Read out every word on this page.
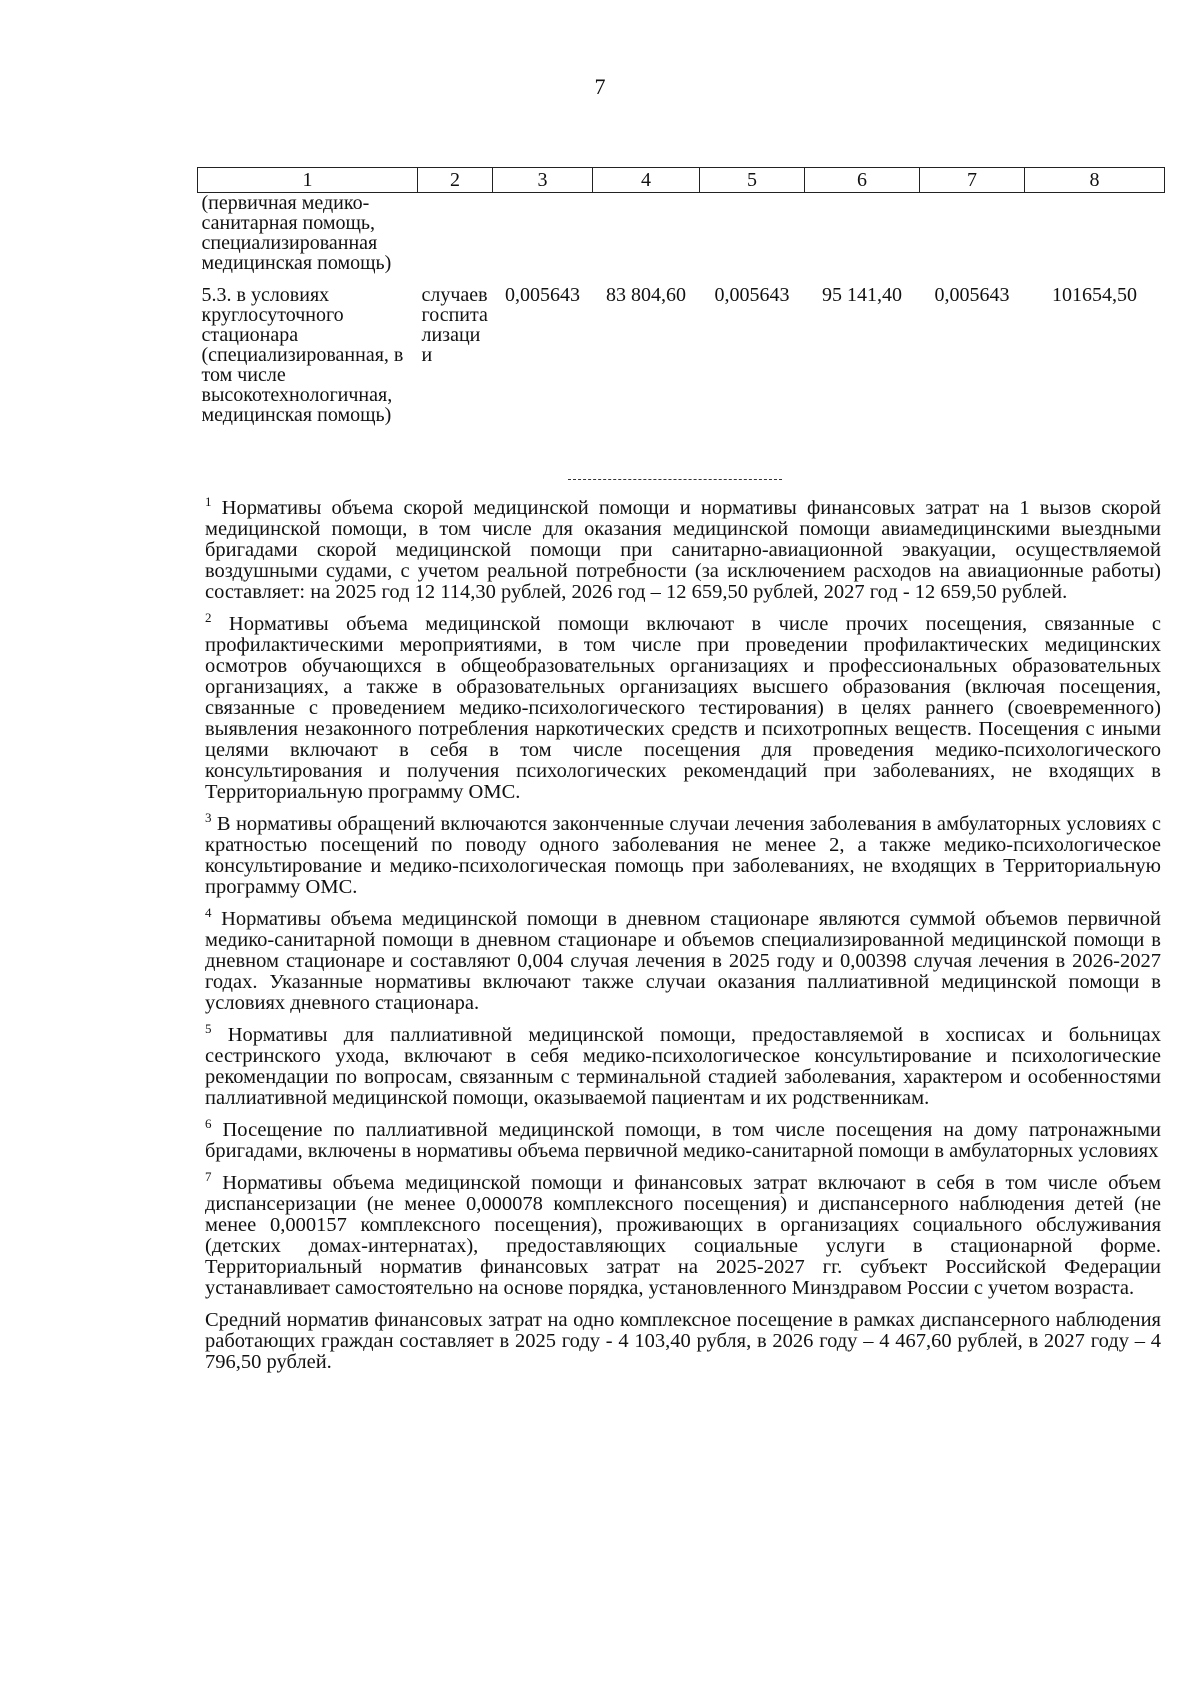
7
1	2	3	4	5	6	7	8
(первичная медико-санитарная помощь, специализированная медицинская помощь)							
5.3. в условиях круглосуточного стационара (специализированная, в том числе высокотехнологичная, медицинская помощь)	случаев госпита лизаци и	0,005643	83 804,60	0,005643	95 141,40	0,005643	101654,50

$^1$ Нормативы объема скорой медицинской помощи и нормативы финансовых затрат на 1 вызов скорой медицинской помощи, в том числе для оказания медицинской помощи авиамедицинскими выездными бригадами скорой медицинской помощи при санитарно-авиационной эвакуации, осуществляемой воздушными судами, с учетом реальной потребности (за исключением расходов на авиационные работы) составляет: на 2025 год 12 114,30 рублей, 2026 год – 12 659,50 рублей, 2027 год - 12 659,50 рублей.

$^2$ Нормативы объема медицинской помощи включают в числе прочих посещения, связанные с профилактическими мероприятиями, в том числе при проведении профилактических медицинских осмотров обучающихся в общеобразовательных организациях и профессиональных образовательных организациях, а также в образовательных организациях высшего образования (включая посещения, связанные с проведением медико-психологического тестирования) в целях раннего (своевременного) выявления незаконного потребления наркотических средств и психотропных веществ. Посещения с иными целями включают в себя в том числе посещения для проведения медико-психологического консультирования и получения психологических рекомендаций при заболеваниях, не входящих в Территориальную программу ОМС.

$^3$ В нормативы обращений включаются законченные случаи лечения заболевания в амбулаторных условиях с кратностью посещений по поводу одного заболевания не менее 2, а также медико-психологическое консультирование и медико-психологическая помощь при заболеваниях, не входящих в Территориальную программу ОМС.

$^4$ Нормативы объема медицинской помощи в дневном стационаре являются суммой объемов первичной медико-санитарной помощи в дневном стационаре и объемов специализированной медицинской помощи в дневном стационаре и составляют 0,004 случая лечения в 2025 году и 0,00398 случая лечения в 2026-2027 годах. Указанные нормативы включают также случаи оказания паллиативной медицинской помощи в условиях дневного стационара.

$^5$ Нормативы для паллиативной медицинской помощи, предоставляемой в хосписах и больницах сестринского ухода, включают в себя медико-психологическое консультирование и психологические рекомендации по вопросам, связанным с терминальной стадией заболевания, характером и особенностями паллиативной медицинской помощи, оказываемой пациентам и их родственникам.

$^6$ Посещение по паллиативной медицинской помощи, в том числе посещения на дому патронажными бригадами, включены в нормативы объема первичной медико-санитарной помощи в амбулаторных условиях

$^7$ Нормативы объема медицинской помощи и финансовых затрат включают в себя в том числе объем диспансеризации (не менее 0,000078 комплексного посещения) и диспансерного наблюдения детей (не менее 0,000157 комплексного посещения), проживающих в организациях социального обслуживания (детских домах-интернатах), предоставляющих социальные услуги в стационарной форме. Территориальный норматив финансовых затрат на 2025-2027 гг. субъект Российской Федерации устанавливает самостоятельно на основе порядка, установленного Минздравом России с учетом возраста.

Средний норматив финансовых затрат на одно комплексное посещение в рамках диспансерного наблюдения работающих граждан составляет в 2025 году - 4 103,40 рубля, в 2026 году – 4 467,60 рублей, в 2027 году – 4 796,50 рублей.
